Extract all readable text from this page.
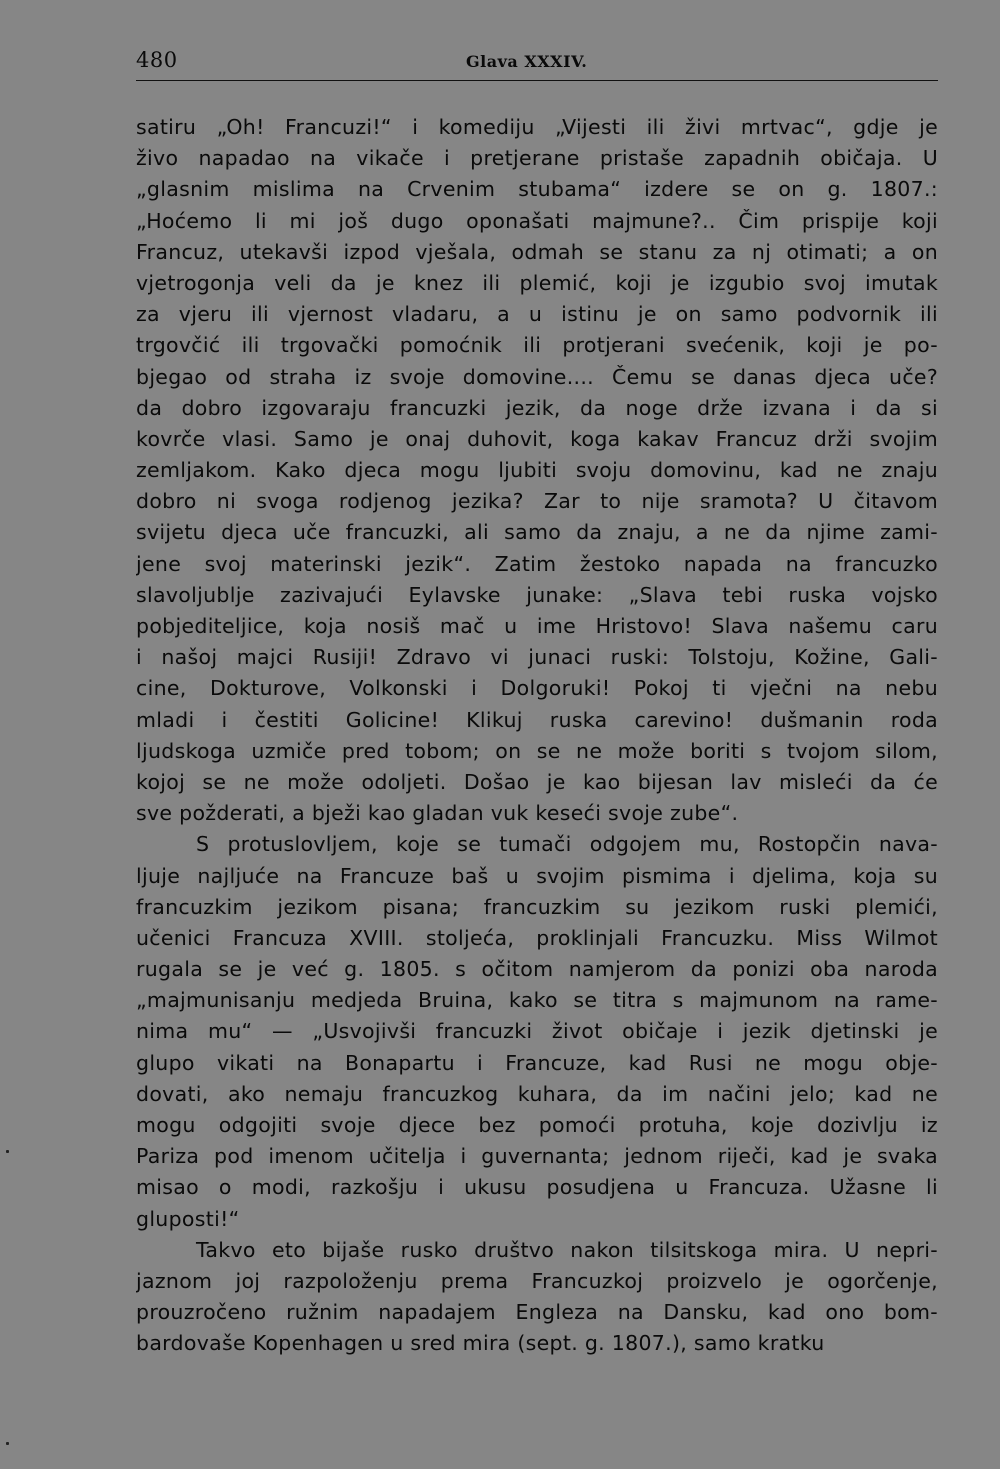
480	Glava XXXIV.
satiru „Oh! Francuzi!“ i komediju „Vijesti ili živi mrtvac“, gdje je
živo napadao na vikače i pretjerane pristaše zapadnih običaja. U
„glasnim mislima na Crvenim stubama“ izdere se on g. 1807.:
„Hoćemo li mi još dugo oponašati majmune?.. Čim prispije koji
Francuz, utekavši izpod vješala, odmah se stanu za nj otimati; a on
vjetrogonja veli da je knez ili plemić, koji je izgubio svoj imutak
za vjeru ili vjernost vladaru, a u istinu je on samo podvornik ili
trgovčić ili trgovački pomoćnik ili protjerani svećenik, koji je po-
bjegao od straha iz svoje domovine.... Čemu se danas djeca uče?
da dobro izgovaraju francuzki jezik, da noge drže izvana i da si
kovrče vlasi. Samo je onaj duhovit, koga kakav Francuz drži svojim
zemljakom. Kako djeca mogu ljubiti svoju domovinu, kad ne znaju
dobro ni svoga rodjenog jezika? Zar to nije sramota? U čitavom
svijetu djeca uče francuzki, ali samo da znaju, a ne da njime zami-
jene svoj materinski jezik“. Zatim žestoko napada na francuzko
slavoljublje zazivajući Eylavske junake: „Slava tebi ruska vojsko
pobjediteljice, koja nosiš mač u ime Hristovo! Slava našemu caru
i našoj majci Rusiji! Zdravo vi junaci ruski: Tolstoju, Kožine, Gali-
cine, Dokturove, Volkonski i Dolgoruki! Pokoj ti vječni na nebu
mladi i čestiti Golicine! Klikuj ruska carevino! dušmanin roda
ljudskoga uzmiče pred tobom; on se ne može boriti s tvojom silom,
kojoj se ne može odoljeti. Došao je kao bijesan lav misleći da će
sve požderati, a bježi kao gladan vuk keseći svoje zube“.
S protuslovljem, koje se tumači odgojem mu, Rostopčin nava-
ljuje najljuće na Francuze baš u svojim pismima i djelima, koja su
francuzkim jezikom pisana; francuzkim su jezikom ruski plemići,
učenici Francuza XVIII. stoljeća, proklinjali Francuzku. Miss Wilmot
rugala se je već g. 1805. s očitom namjerom da ponizi oba naroda
„majmunisanju medjeda Bruina, kako se titra s majmunom na rame-
nima mu“ — „Usvojivši francuzki život običaje i jezik djetinski je
glupo vikati na Bonapartu i Francuze, kad Rusi ne mogu obje-
dovati, ako nemaju francuzkog kuhara, da im načini jelo; kad ne
mogu odgojiti svoje djece bez pomoći protuha, koje dozivlju iz
Pariza pod imenom učitelja i guvernanta; jednom riječi, kad je svaka
misao o modi, razkošju i ukusu posudjena u Francuza. Užasne li
gluposti!“
Takvo eto bijaše rusko društvo nakon tilsitskoga mira. U nepri-
jaznom joj razpoloženju prema Francuzkoj proizvelo je ogorčenje,
prouzročeno ružnim napadajem Engleza na Dansku, kad ono bom-
bardovaše Kopenhagen u sred mira (sept. g. 1807.), samo kratku
